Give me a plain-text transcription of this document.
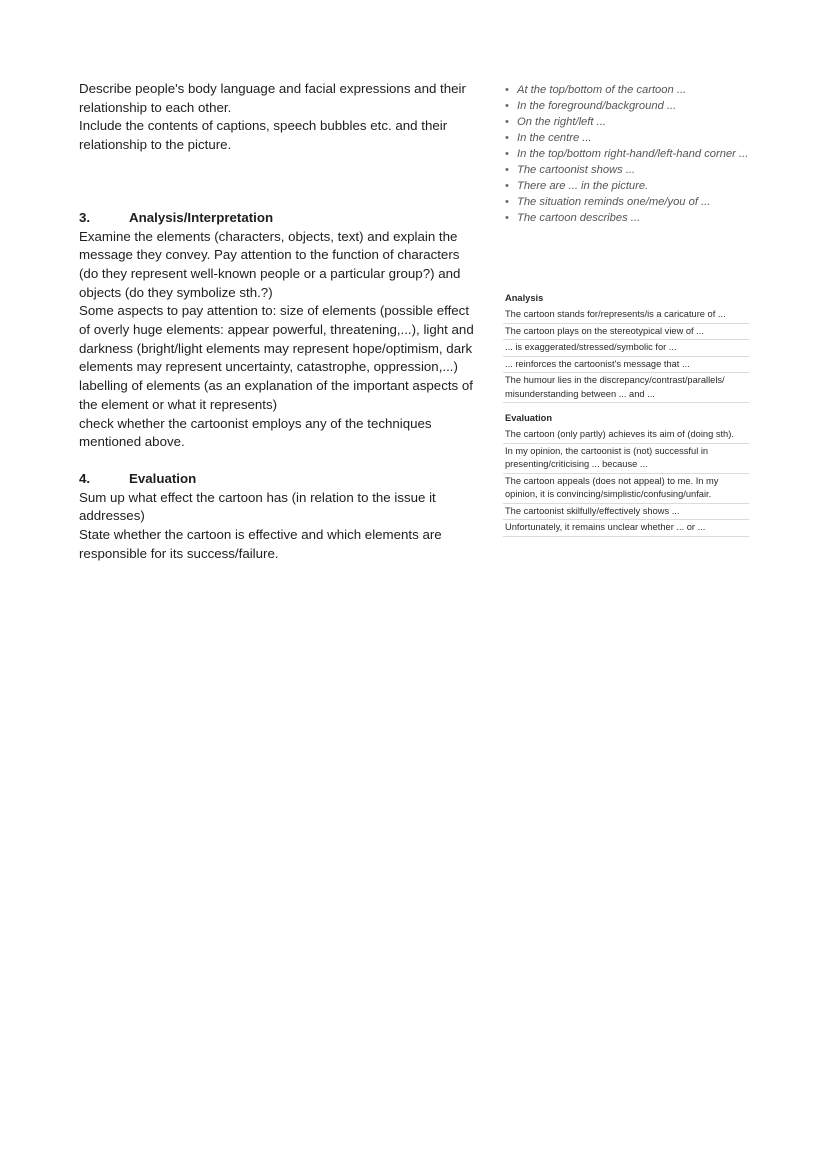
Describe people's body language and facial expressions and their relationship to each other.

Include the contents of captions, speech bubbles etc. and their relationship to the picture.

3.	Analysis/Interpretation

Examine the elements (characters, objects, text) and explain the message they convey. Pay attention to the function of characters (do they represent well-known people or a particular group?) and objects (do they symbolize sth.?)

Some aspects to pay attention to: size of elements (possible effect of overly huge elements: appear powerful, threatening,...), light and darkness (bright/light elements may represent hope/optimism, dark elements may represent uncertainty, catastrophe, oppression,...) labelling of elements (as an explanation of the important aspects of the element or what it represents)

check whether the cartoonist employs any of the techniques mentioned above.

4.	Evaluation

Sum up what effect the cartoon has (in relation to the issue it addresses)

State whether the cartoon is effective and which elements are responsible for its success/failure.

• At the top/bottom of the cartoon ...
• In the foreground/background ...
• On the right/left ...
• In the centre ...
• In the top/bottom right-hand/left-hand corner ...
• The cartoonist shows ...
• There are ... in the picture.
• The situation reminds one/me/you of ...
• The cartoon describes ...
Analysis
The cartoon stands for/represents/is a caricature of ...
The cartoon plays on the stereotypical view of ...
... is exaggerated/stressed/symbolic for ...
... reinforces the cartoonist's message that ...
The humour lies in the discrepancy/contrast/parallels/ misunderstanding between ... and ...
Evaluation
The cartoon (only partly) achieves its aim of (doing sth).
In my opinion, the cartoonist is (not) successful in presenting/criticising ... because ...
The cartoon appeals (does not appeal) to me. In my opinion, it is convincing/simplistic/confusing/unfair.
The cartoonist skilfully/effectively shows ...
Unfortunately, it remains unclear whether ... or ...
